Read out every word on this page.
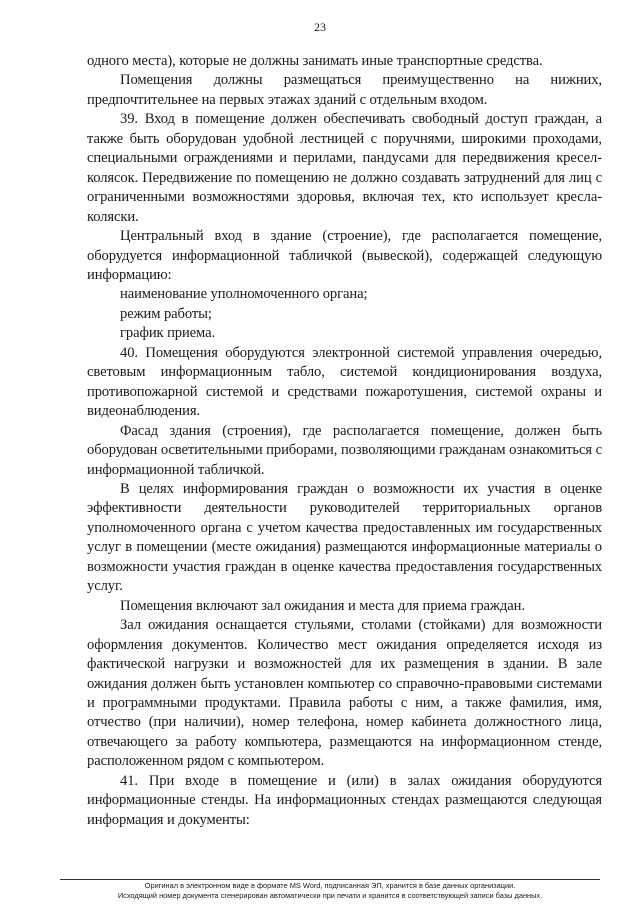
23

одного места), которые не должны занимать иные транспортные средства.

Помещения должны размещаться преимущественно на нижних, предпочтительнее на первых этажах зданий с отдельным входом.

39. Вход в помещение должен обеспечивать свободный доступ граждан, а также быть оборудован удобной лестницей с поручнями, широкими проходами, специальными ограждениями и перилами, пандусами для передвижения кресел-колясок. Передвижение по помещению не должно создавать затруднений для лиц с ограниченными возможностями здоровья, включая тех, кто использует кресла-коляски.

Центральный вход в здание (строение), где располагается помещение, оборудуется информационной табличкой (вывеской), содержащей следующую информацию:

наименование уполномоченного органа;

режим работы;

график приема.

40. Помещения оборудуются электронной системой управления очередью, световым информационным табло, системой кондиционирования воздуха, противопожарной системой и средствами пожаротушения, системой охраны и видеонаблюдения.

Фасад здания (строения), где располагается помещение, должен быть оборудован осветительными приборами, позволяющими гражданам ознакомиться с информационной табличкой.

В целях информирования граждан о возможности их участия в оценке эффективности деятельности руководителей территориальных органов уполномоченного органа с учетом качества предоставленных им государственных услуг в помещении (месте ожидания) размещаются информационные материалы о возможности участия граждан в оценке качества предоставления государственных услуг.

Помещения включают зал ожидания и места для приема граждан.

Зал ожидания оснащается стульями, столами (стойками) для возможности оформления документов. Количество мест ожидания определяется исходя из фактической нагрузки и возможностей для их размещения в здании. В зале ожидания должен быть установлен компьютер со справочно-правовыми системами и программными продуктами. Правила работы с ним, а также фамилия, имя, отчество (при наличии), номер телефона, номер кабинета должностного лица, отвечающего за работу компьютера, размещаются на информационном стенде, расположенном рядом с компьютером.

41. При входе в помещение и (или) в залах ожидания оборудуются информационные стенды. На информационных стендах размещаются следующая информация и документы:

Оригинал в электронном виде в формате MS Word, подписанная ЭП, хранится в базе данных организации.

Исходящий номер документа сгенерирован автоматически при печати и хранится в соответствующей записи базы данных.
